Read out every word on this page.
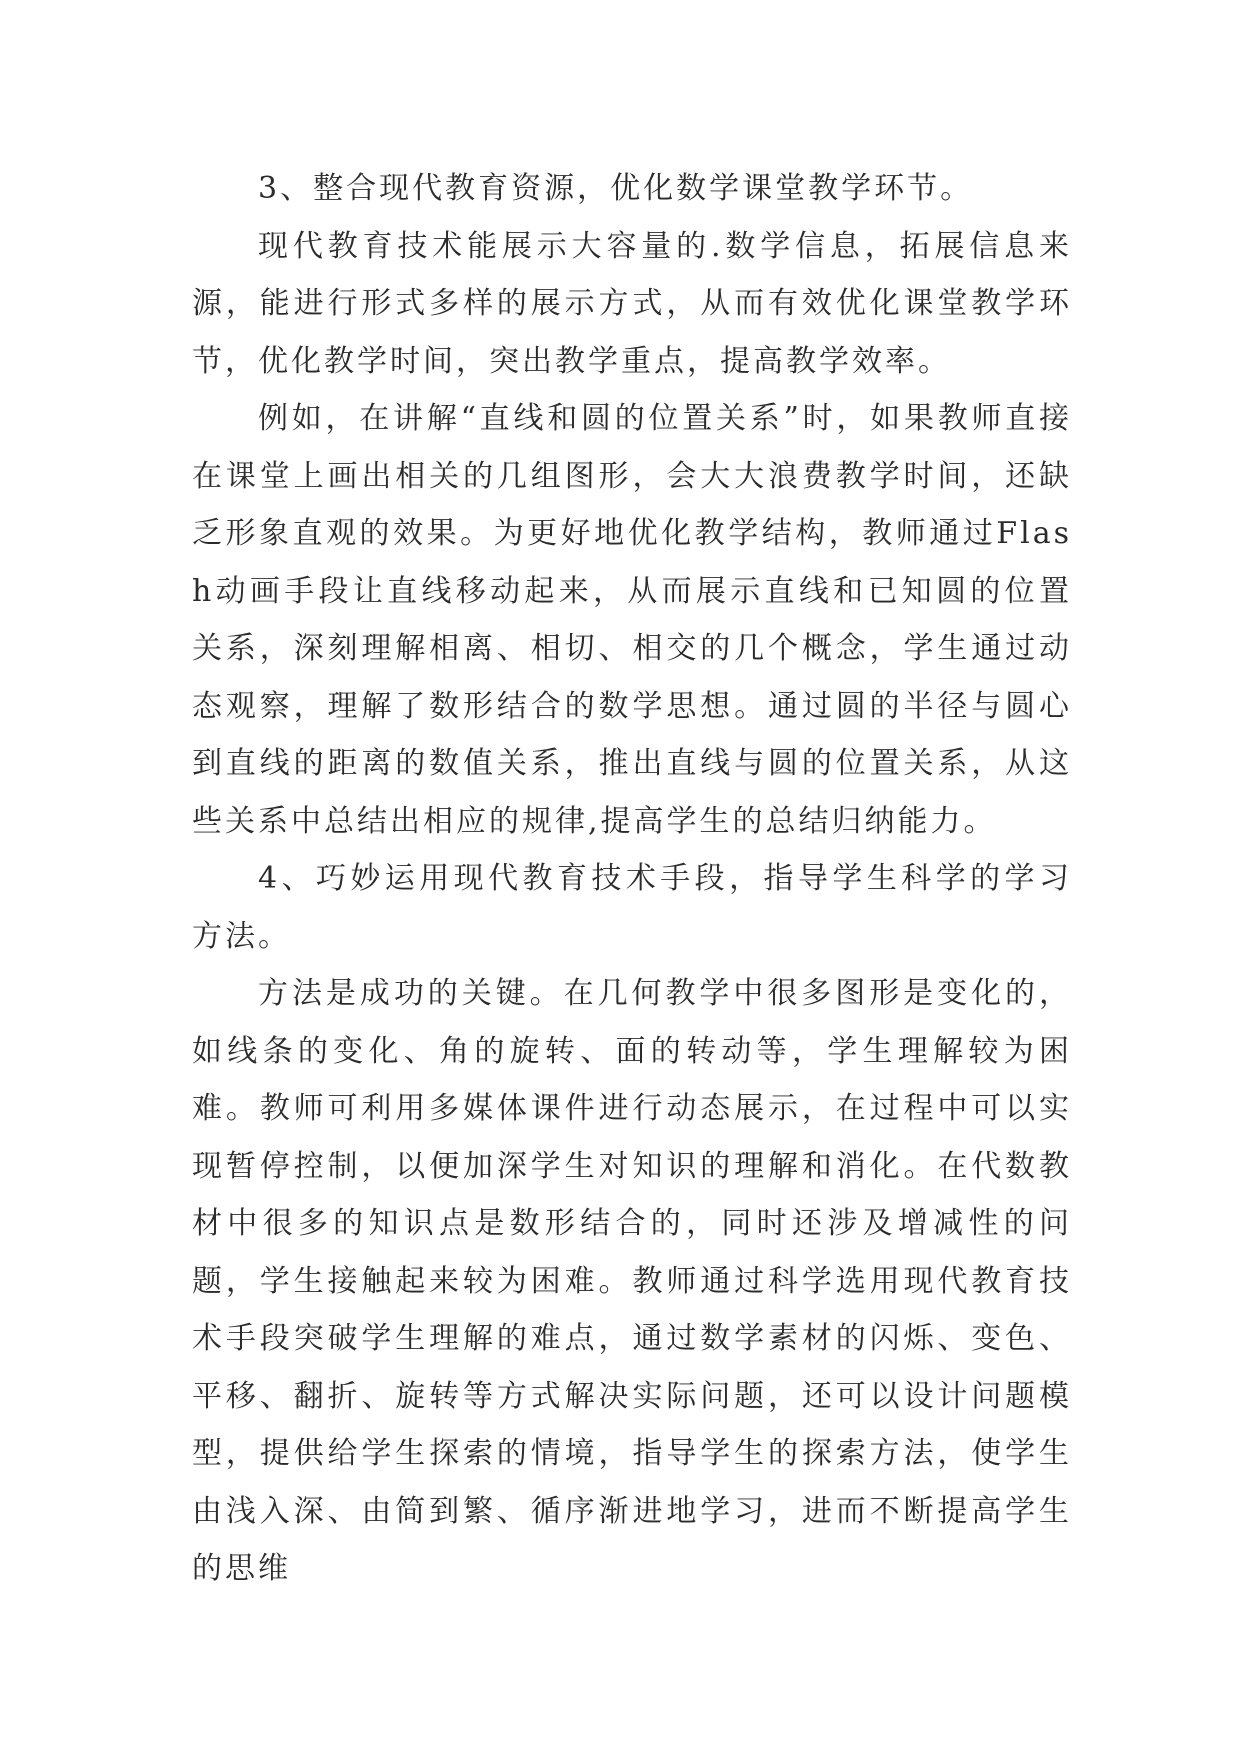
3、整合现代教育资源，优化数学课堂教学环节。

现代教育技术能展示大容量的.数学信息，拓展信息来源，能进行形式多样的展示方式，从而有效优化课堂教学环节，优化教学时间，突出教学重点，提高教学效率。

例如，在讲解“直线和圆的位置关系”时，如果教师直接在课堂上画出相关的几组图形，会大大浪费教学时间，还缺乏形象直观的效果。为更好地优化教学结构，教师通过Flash动画手段让直线移动起来，从而展示直线和已知圆的位置关系，深刻理解相离、相切、相交的几个概念，学生通过动态观察，理解了数形结合的数学思想。通过圆的半径与圆心到直线的距离的数值关系，推出直线与圆的位置关系，从这些关系中总结出相应的规律,提高学生的总结归纳能力。

4、巧妙运用现代教育技术手段，指导学生科学的学习方法。

方法是成功的关键。在几何教学中很多图形是变化的，如线条的变化、角的旋转、面的转动等，学生理解较为困难。教师可利用多媒体课件进行动态展示，在过程中可以实现暂停控制，以便加深学生对知识的理解和消化。在代数教材中很多的知识点是数形结合的，同时还涉及增减性的问题，学生接触起来较为困难。教师通过科学选用现代教育技术手段突破学生理解的难点，通过数学素材的闪烁、变色、平移、翻折、旋转等方式解决实际问题，还可以设计问题模型，提供给学生探索的情境，指导学生的探索方法，使学生由浅入深、由简到繁、循序渐进地学习，进而不断提高学生的思维
